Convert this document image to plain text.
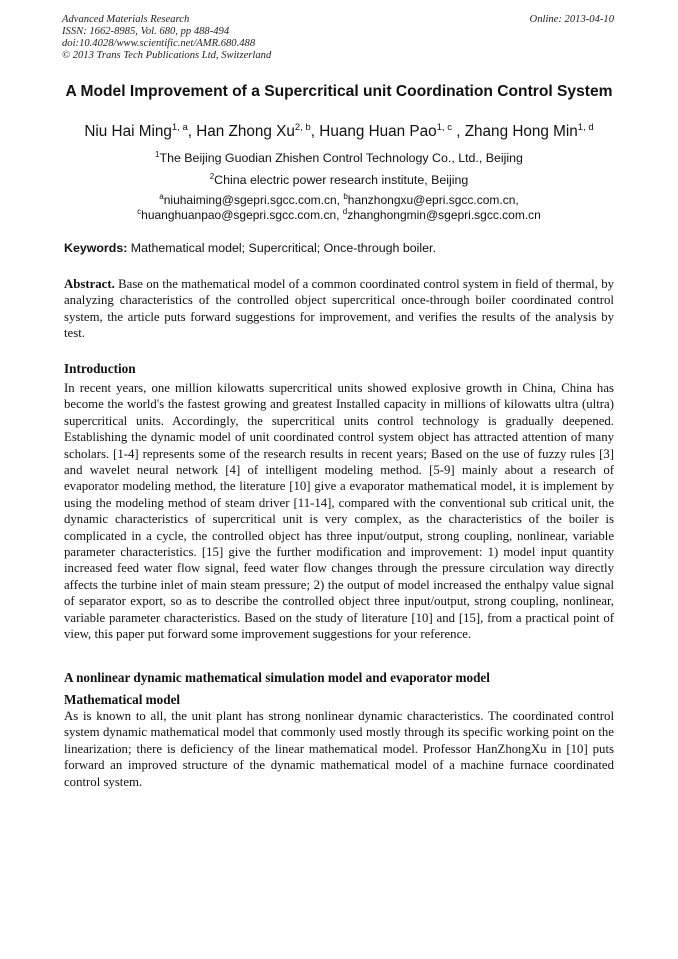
Advanced Materials Research
ISSN: 1662-8985, Vol. 680, pp 488-494
doi:10.4028/www.scientific.net/AMR.680.488
© 2013 Trans Tech Publications Ltd, Switzerland
Online: 2013-04-10
A Model Improvement of a Supercritical unit Coordination Control System
Niu Hai Ming$^{1, a}$, Han Zhong Xu$^{2, b}$, Huang Huan Pao$^{1, c}$ , Zhang Hong Min$^{1, d}$
$^1$The Beijing Guodian Zhishen Control Technology Co., Ltd., Beijing
$^2$China electric power research institute, Beijing
$^a$niuhaiming@sgepri.sgcc.com.cn, $^b$hanzhongxu@epri.sgcc.com.cn,
$^c$huanghuanpao@sgepri.sgcc.com.cn, $^d$zhanghongmin@sgepri.sgcc.com.cn
Keywords: Mathematical model; Supercritical; Once-through boiler.
Abstract. Base on the mathematical model of a common coordinated control system in field of thermal, by analyzing characteristics of the controlled object supercritical once-through boiler coordinated control system, the article puts forward suggestions for improvement, and verifies the results of the analysis by test.
Introduction
In recent years, one million kilowatts supercritical units showed explosive growth in China, China has become the world's the fastest growing and greatest Installed capacity in millions of kilowatts ultra (ultra) supercritical units. Accordingly, the supercritical units control technology is gradually deepened. Establishing the dynamic model of unit coordinated control system object has attracted attention of many scholars. [1-4] represents some of the research results in recent years; Based on the use of fuzzy rules [3] and wavelet neural network [4] of intelligent modeling method. [5-9] mainly about a research of evaporator modeling method, the literature [10] give a evaporator mathematical model, it is implement by using the modeling method of steam driver [11-14], compared with the conventional sub critical unit, the dynamic characteristics of supercritical unit is very complex, as the characteristics of the boiler is complicated in a cycle, the controlled object has three input/output, strong coupling, nonlinear, variable parameter characteristics. [15] give the further modification and improvement: 1) model input quantity increased feed water flow signal, feed water flow changes through the pressure circulation way directly affects the turbine inlet of main steam pressure; 2) the output of model increased the enthalpy value signal of separator export, so as to describe the controlled object three input/output, strong coupling, nonlinear, variable parameter characteristics. Based on the study of literature [10] and [15], from a practical point of view, this paper put forward some improvement suggestions for your reference.
A nonlinear dynamic mathematical simulation model and evaporator model
Mathematical model
As is known to all, the unit plant has strong nonlinear dynamic characteristics. The coordinated control system dynamic mathematical model that commonly used mostly through its specific working point on the linearization; there is deficiency of the linear mathematical model. Professor HanZhongXu in [10] puts forward an improved structure of the dynamic mathematical model of a machine furnace coordinated control system.
